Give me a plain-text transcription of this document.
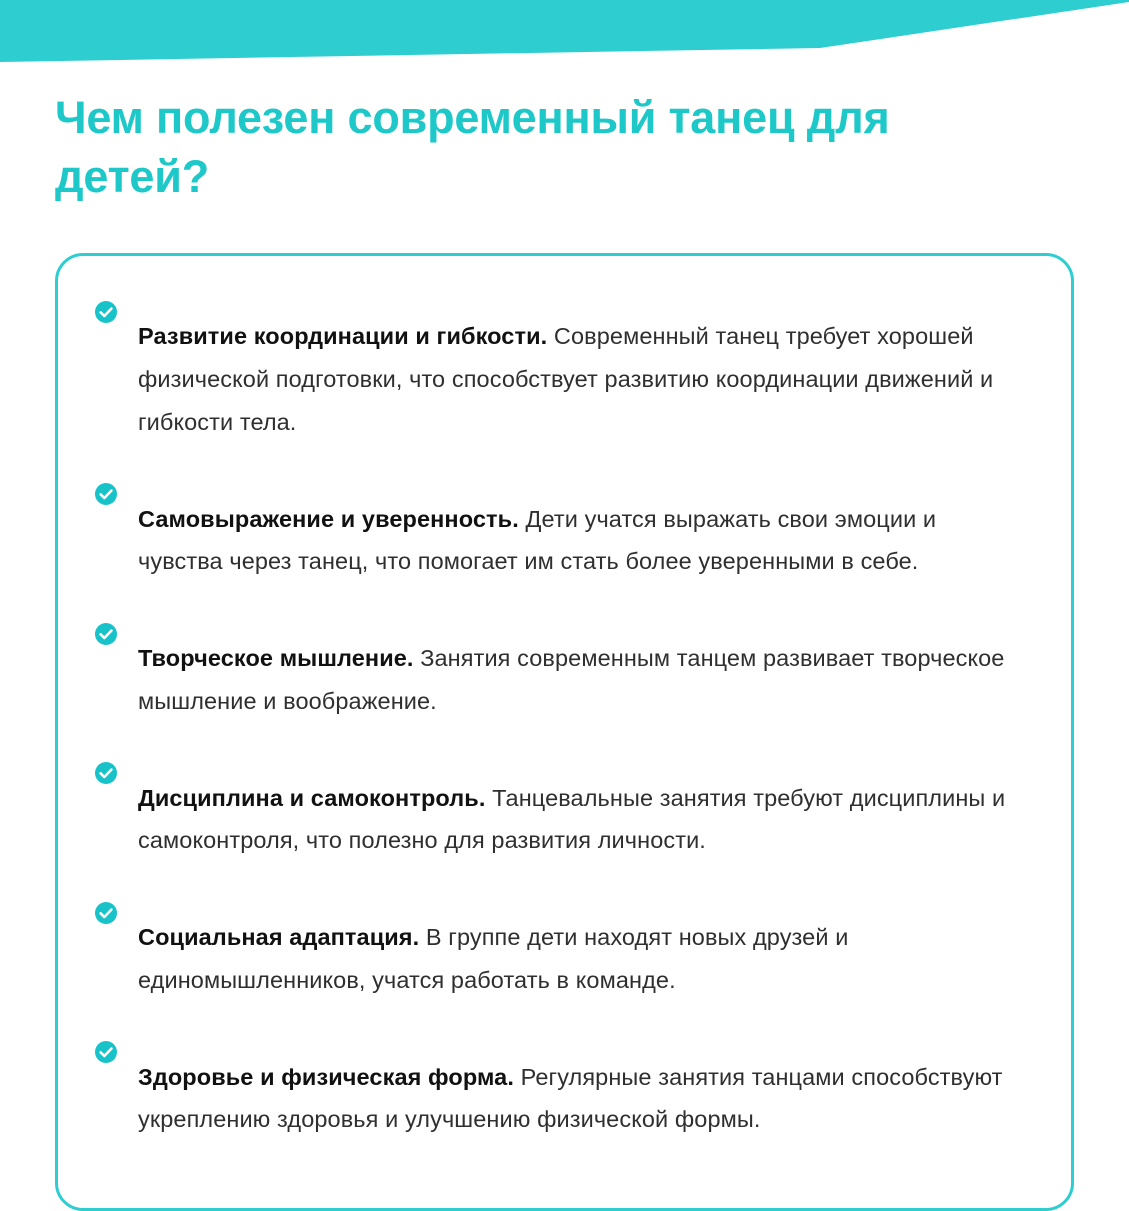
Чем полезен современный танец для детей?

Развитие координации и гибкости. Современный танец требует хорошей физической подготовки, что способствует развитию координации движений и гибкости тела.

Самовыражение и уверенность. Дети учатся выражать свои эмоции и чувства через танец, что помогает им стать более уверенными в себе.

Творческое мышление. Занятия современным танцем развивает творческое мышление и воображение.

Дисциплина и самоконтроль. Танцевальные занятия требуют дисциплины и самоконтроля, что полезно для развития личности.

Социальная адаптация. В группе дети находят новых друзей и единомышленников, учатся работать в команде.

Здоровье и физическая форма. Регулярные занятия танцами способствуют укреплению здоровья и улучшению физической формы.
